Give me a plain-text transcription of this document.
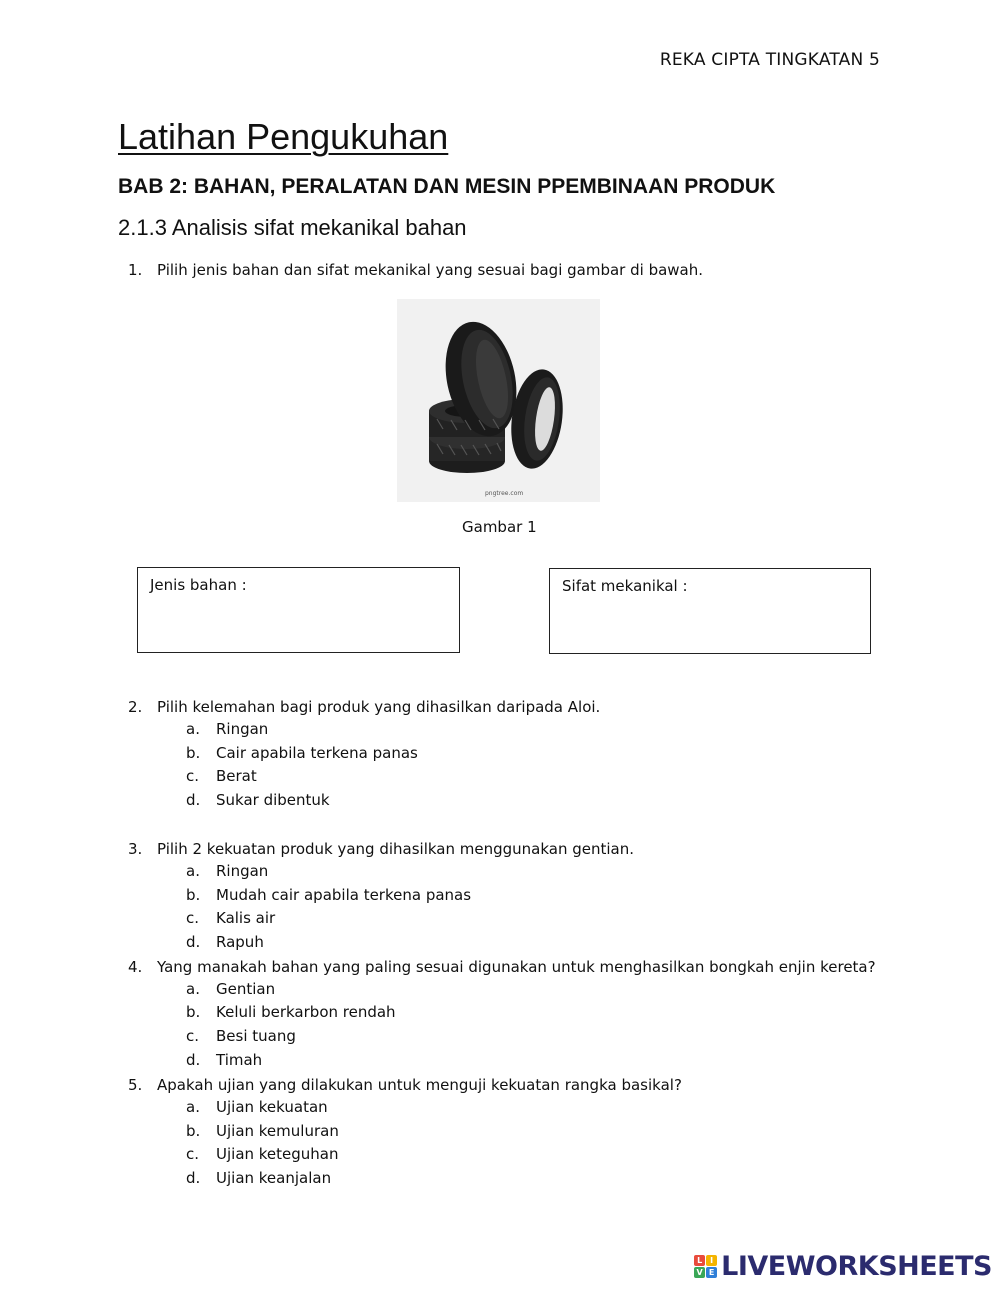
REKA CIPTA TINGKATAN 5
Latihan Pengukuhan
BAB 2: BAHAN, PERALATAN DAN MESIN PPEMBINAAN PRODUK
2.1.3 Analisis sifat mekanikal bahan
1. Pilih jenis bahan dan sifat mekanikal yang sesuai bagi gambar di bawah.
pngtree.com
Gambar 1
Jenis bahan :	Sifat mekanikal :
2. Pilih kelemahan bagi produk yang dihasilkan daripada Aloi.
a. Ringan
b. Cair apabila terkena panas
c. Berat
d. Sukar dibentuk
3. Pilih 2 kekuatan produk yang dihasilkan menggunakan gentian.
a. Ringan
b. Mudah cair apabila terkena panas
c. Kalis air
d. Rapuh
4. Yang manakah bahan yang paling sesuai digunakan untuk menghasilkan bongkah enjin kereta?
a. Gentian
b. Keluli berkarbon rendah
c. Besi tuang
d. Timah
5. Apakah ujian yang dilakukan untuk menguji kekuatan rangka basikal?
a. Ujian kekuatan
b. Ujian kemuluran
c. Ujian keteguhan
d. Ujian keanjalan
L I
V E LIVEWORKSHEETS
